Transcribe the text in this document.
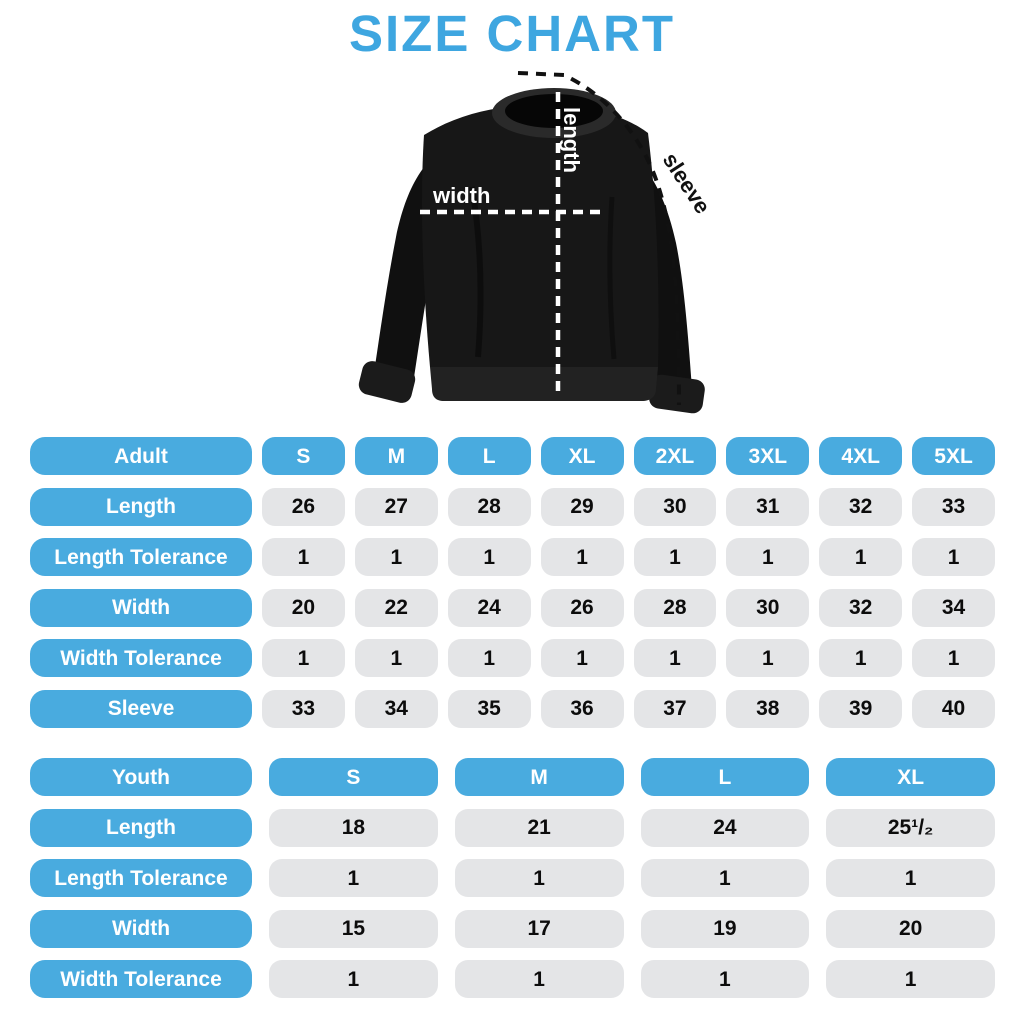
SIZE CHART
width
length
sleeve
Adult	S	M	L	XL	2XL	3XL	4XL	5XL
Length	26	27	28	29	30	31	32	33
Length Tolerance	1	1	1	1	1	1	1	1
Width	20	22	24	26	28	30	32	34
Width Tolerance	1	1	1	1	1	1	1	1
Sleeve	33	34	35	36	37	38	39	40
Youth	S	M	L	XL
Length	18	21	24	25¹/₂
Length Tolerance	1	1	1	1
Width	15	17	19	20
Width Tolerance	1	1	1	1
